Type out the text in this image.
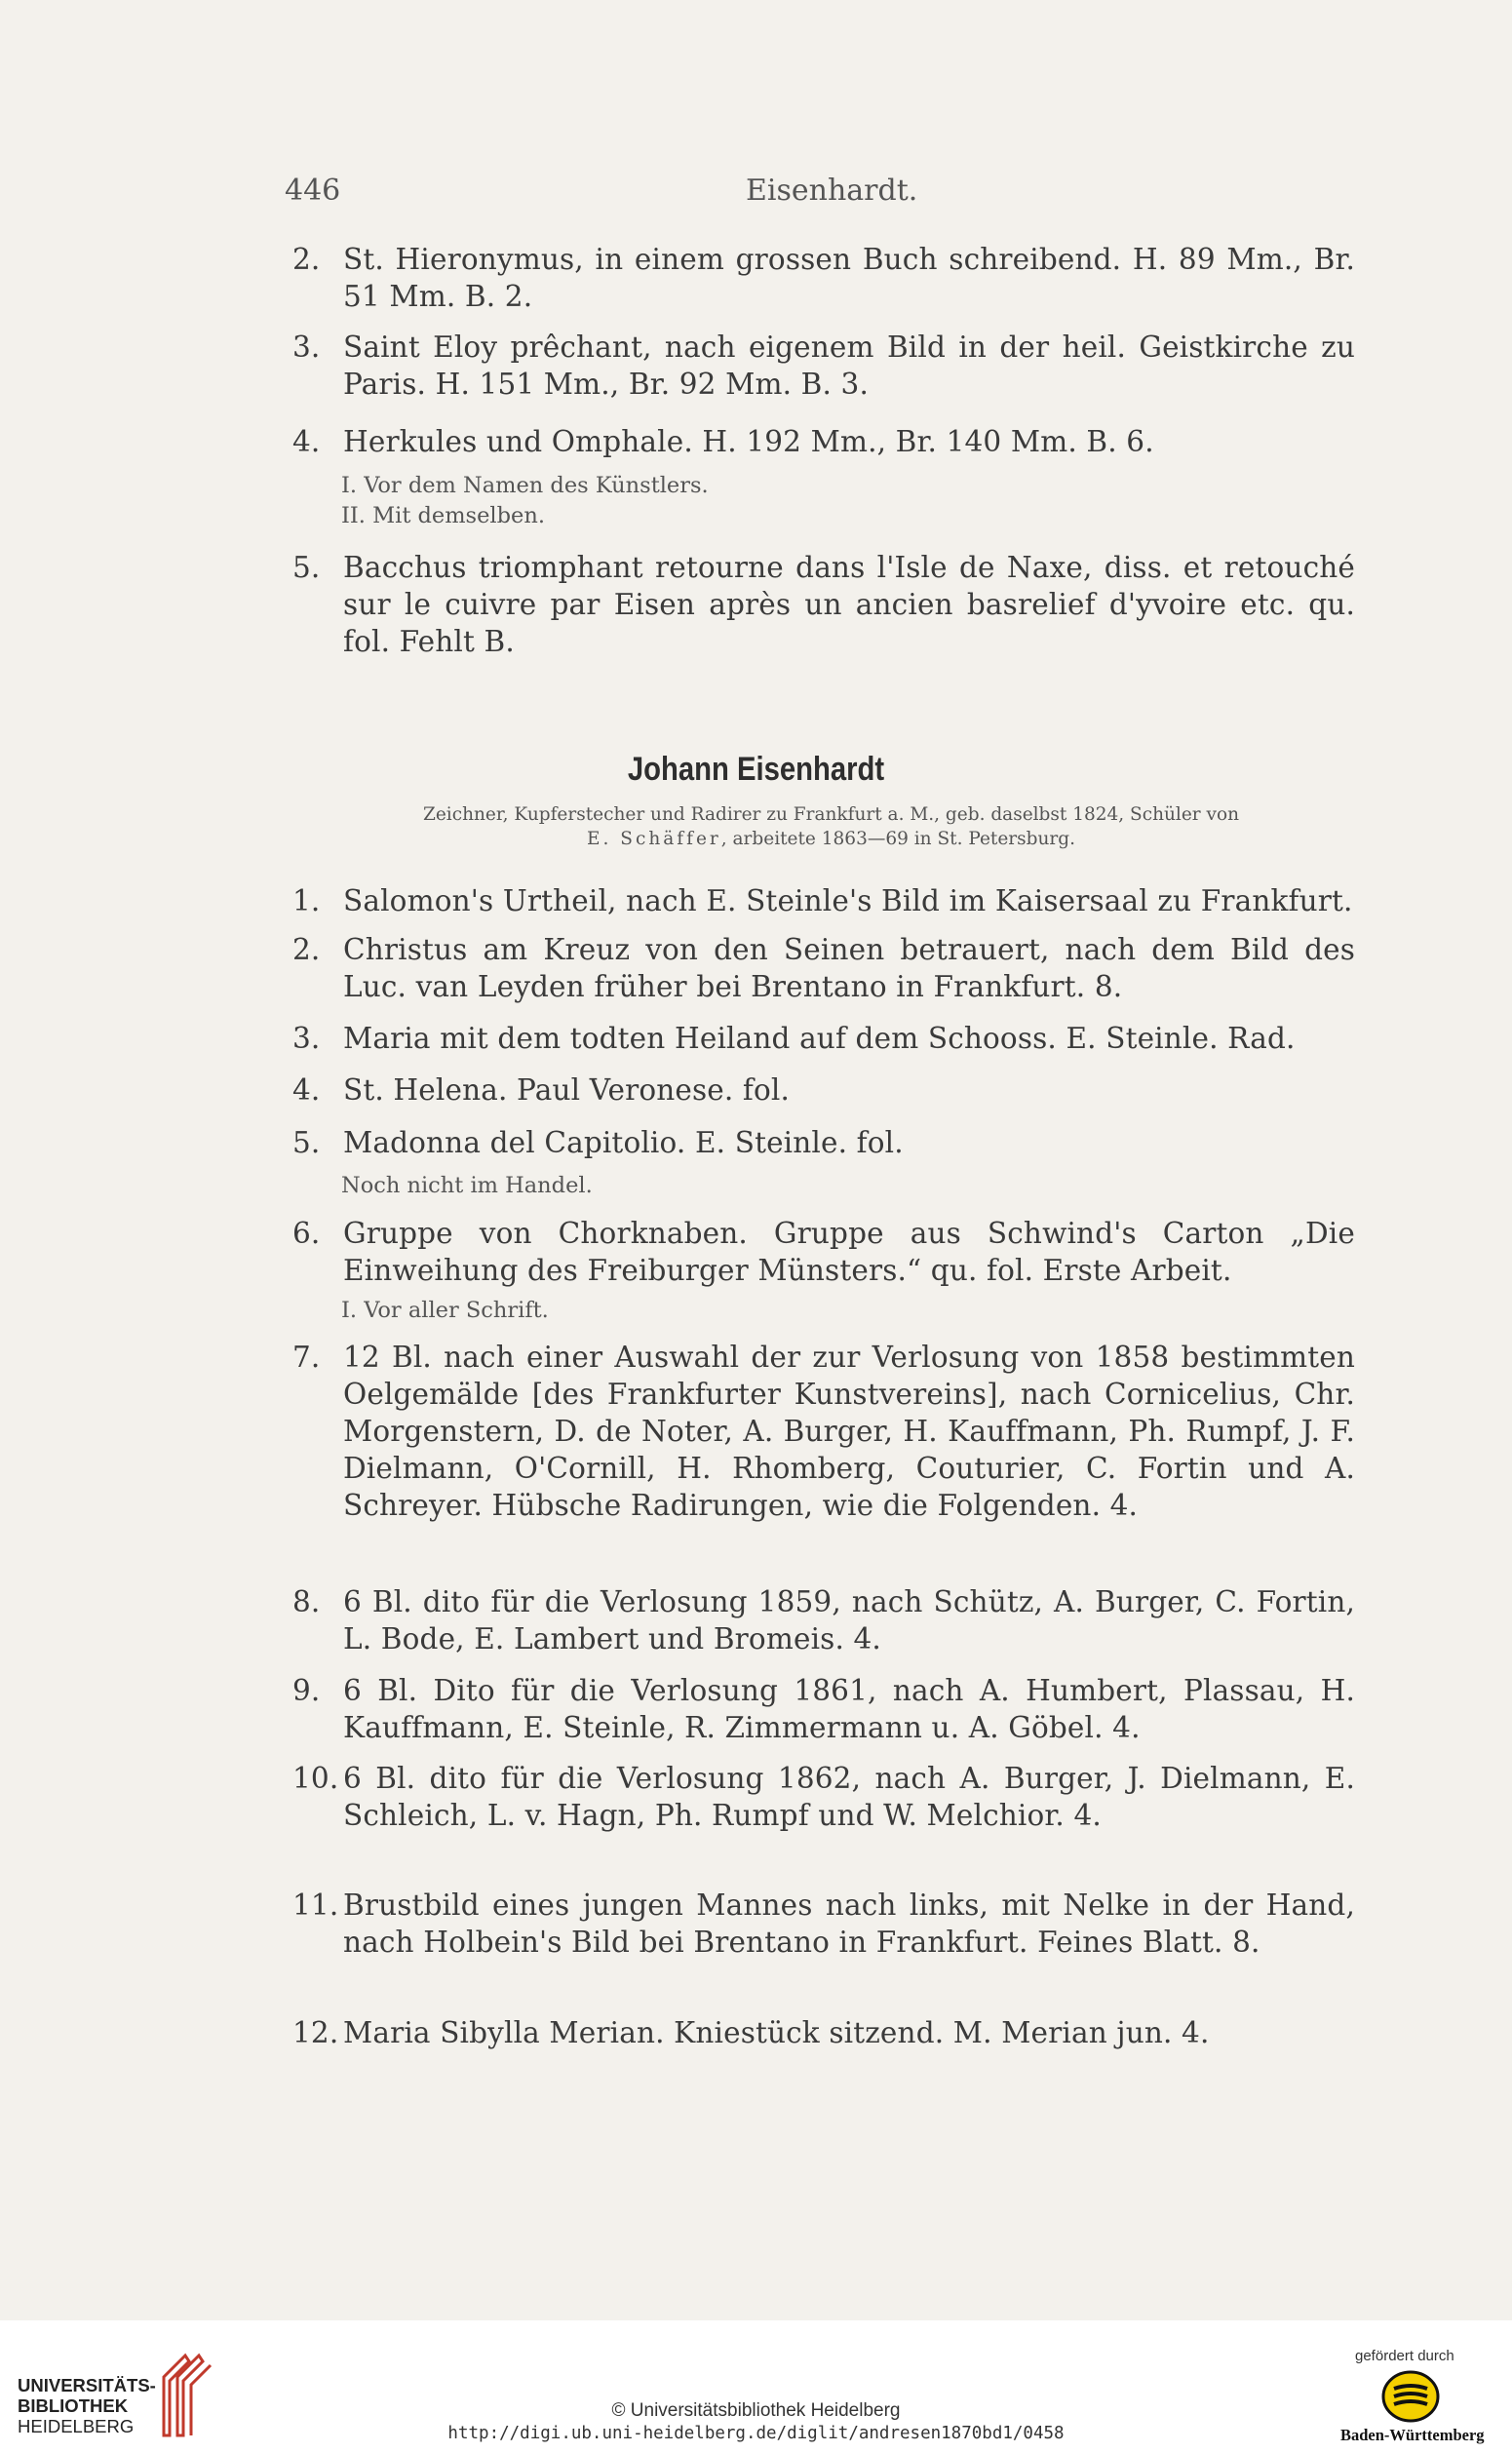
446	Eisenhardt.
2. St. Hieronymus, in einem grossen Buch schreibend. H. 89 Mm., Br. 51 Mm. B. 2.
3. Saint Eloy prêchant, nach eigenem Bild in der heil. Geistkirche zu Paris. H. 151 Mm., Br. 92 Mm. B. 3.
4. Herkules und Omphale. H. 192 Mm., Br. 140 Mm. B. 6.
I. Vor dem Namen des Künstlers.
II. Mit demselben.
5. Bacchus triomphant retourne dans l'Isle de Naxe, diss. et retouché sur le cuivre par Eisen après un ancien basrelief d'yvoire etc. qu. fol. Fehlt B.
Johann Eisenhardt
Zeichner, Kupferstecher und Radirer zu Frankfurt a. M., geb. daselbst 1824, Schüler von
E. Schäffer, arbeitete 1863—69 in St. Petersburg.
1. Salomon's Urtheil, nach E. Steinle's Bild im Kaisersaal zu Frankfurt.
2. Christus am Kreuz von den Seinen betrauert, nach dem Bild des Luc. van Leyden früher bei Brentano in Frankfurt. 8.
3. Maria mit dem todten Heiland auf dem Schooss. E. Steinle. Rad.
4. St. Helena. Paul Veronese. fol.
5. Madonna del Capitolio. E. Steinle. fol.
Noch nicht im Handel.
6. Gruppe von Chorknaben. Gruppe aus Schwind's Carton „Die Einweihung des Freiburger Münsters.“ qu. fol. Erste Arbeit.
I. Vor aller Schrift.
7. 12 Bl. nach einer Auswahl der zur Verlosung von 1858 bestimmten Oelgemälde [des Frankfurter Kunstvereins], nach Cornicelius, Chr. Morgenstern, D. de Noter, A. Burger, H. Kauffmann, Ph. Rumpf, J. F. Dielmann, O'Cornill, H. Rhomberg, Couturier, C. Fortin und A. Schreyer. Hübsche Radirungen, wie die Folgenden. 4.
8. 6 Bl. dito für die Verlosung 1859, nach Schütz, A. Burger, C. Fortin, L. Bode, E. Lambert und Bromeis. 4.
9. 6 Bl. Dito für die Verlosung 1861, nach A. Humbert, Plassau, H. Kauffmann, E. Steinle, R. Zimmermann u. A. Göbel. 4.
10. 6 Bl. dito für die Verlosung 1862, nach A. Burger, J. Dielmann, E. Schleich, L. v. Hagn, Ph. Rumpf und W. Melchior. 4.
11. Brustbild eines jungen Mannes nach links, mit Nelke in der Hand, nach Holbein's Bild bei Brentano in Frankfurt. Feines Blatt. 8.
12. Maria Sibylla Merian. Kniestück sitzend. M. Merian jun. 4.
UNIVERSITÄTS-
BIBLIOTHEK
HEIDELBERG
© Universitätsbibliothek Heidelberg
http://digi.ub.uni-heidelberg.de/diglit/andresen1870bd1/0458
gefördert durch
Baden-Württemberg
